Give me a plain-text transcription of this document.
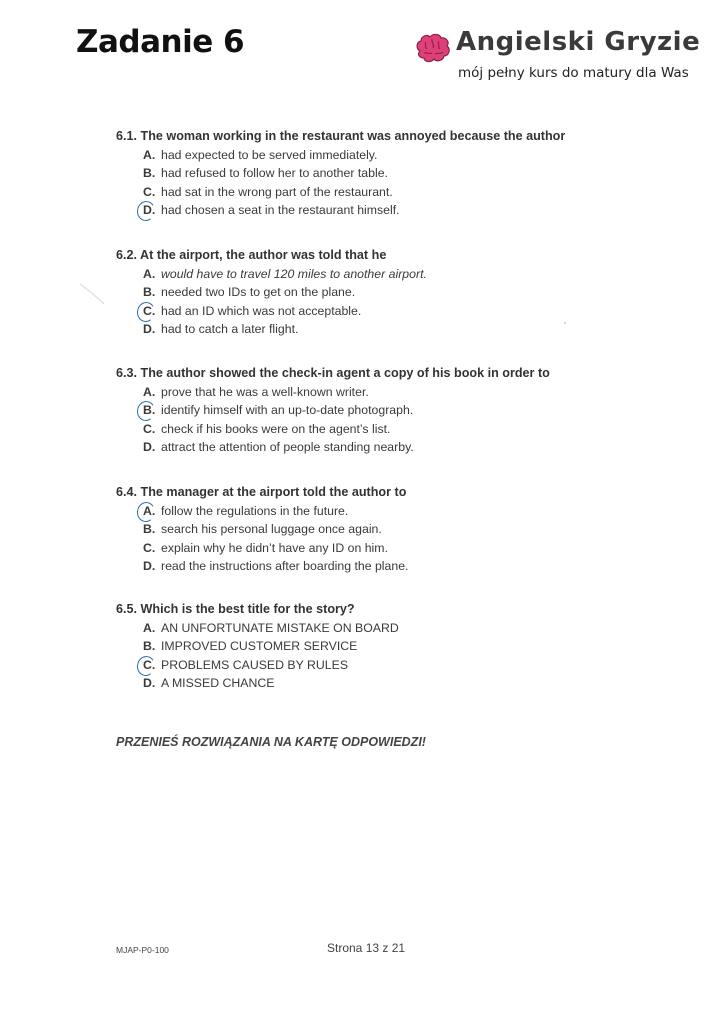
Zadanie 6	Angielski Gryzie
mój pełny kurs do matury dla Was
6.1. The woman working in the restaurant was annoyed because the author
A. had expected to be served immediately.
B. had refused to follow her to another table.
C. had sat in the wrong part of the restaurant.
D. had chosen a seat in the restaurant himself.
6.2. At the airport, the author was told that he
A. would have to travel 120 miles to another airport.
B. needed two IDs to get on the plane.
C. had an ID which was not acceptable.
D. had to catch a later flight.
6.3. The author showed the check-in agent a copy of his book in order to
A. prove that he was a well-known writer.
B. identify himself with an up-to-date photograph.
C. check if his books were on the agent’s list.
D. attract the attention of people standing nearby.
6.4. The manager at the airport told the author to
A. follow the regulations in the future.
B. search his personal luggage once again.
C. explain why he didn’t have any ID on him.
D. read the instructions after boarding the plane.
6.5. Which is the best title for the story?
A. AN UNFORTUNATE MISTAKE ON BOARD
B. IMPROVED CUSTOMER SERVICE
C. PROBLEMS CAUSED BY RULES
D. A MISSED CHANCE
PRZENIEŚ ROZWIĄZANIA NA KARTĘ ODPOWIEDZI!
MJAP-P0-100	Strona 13 z 21
